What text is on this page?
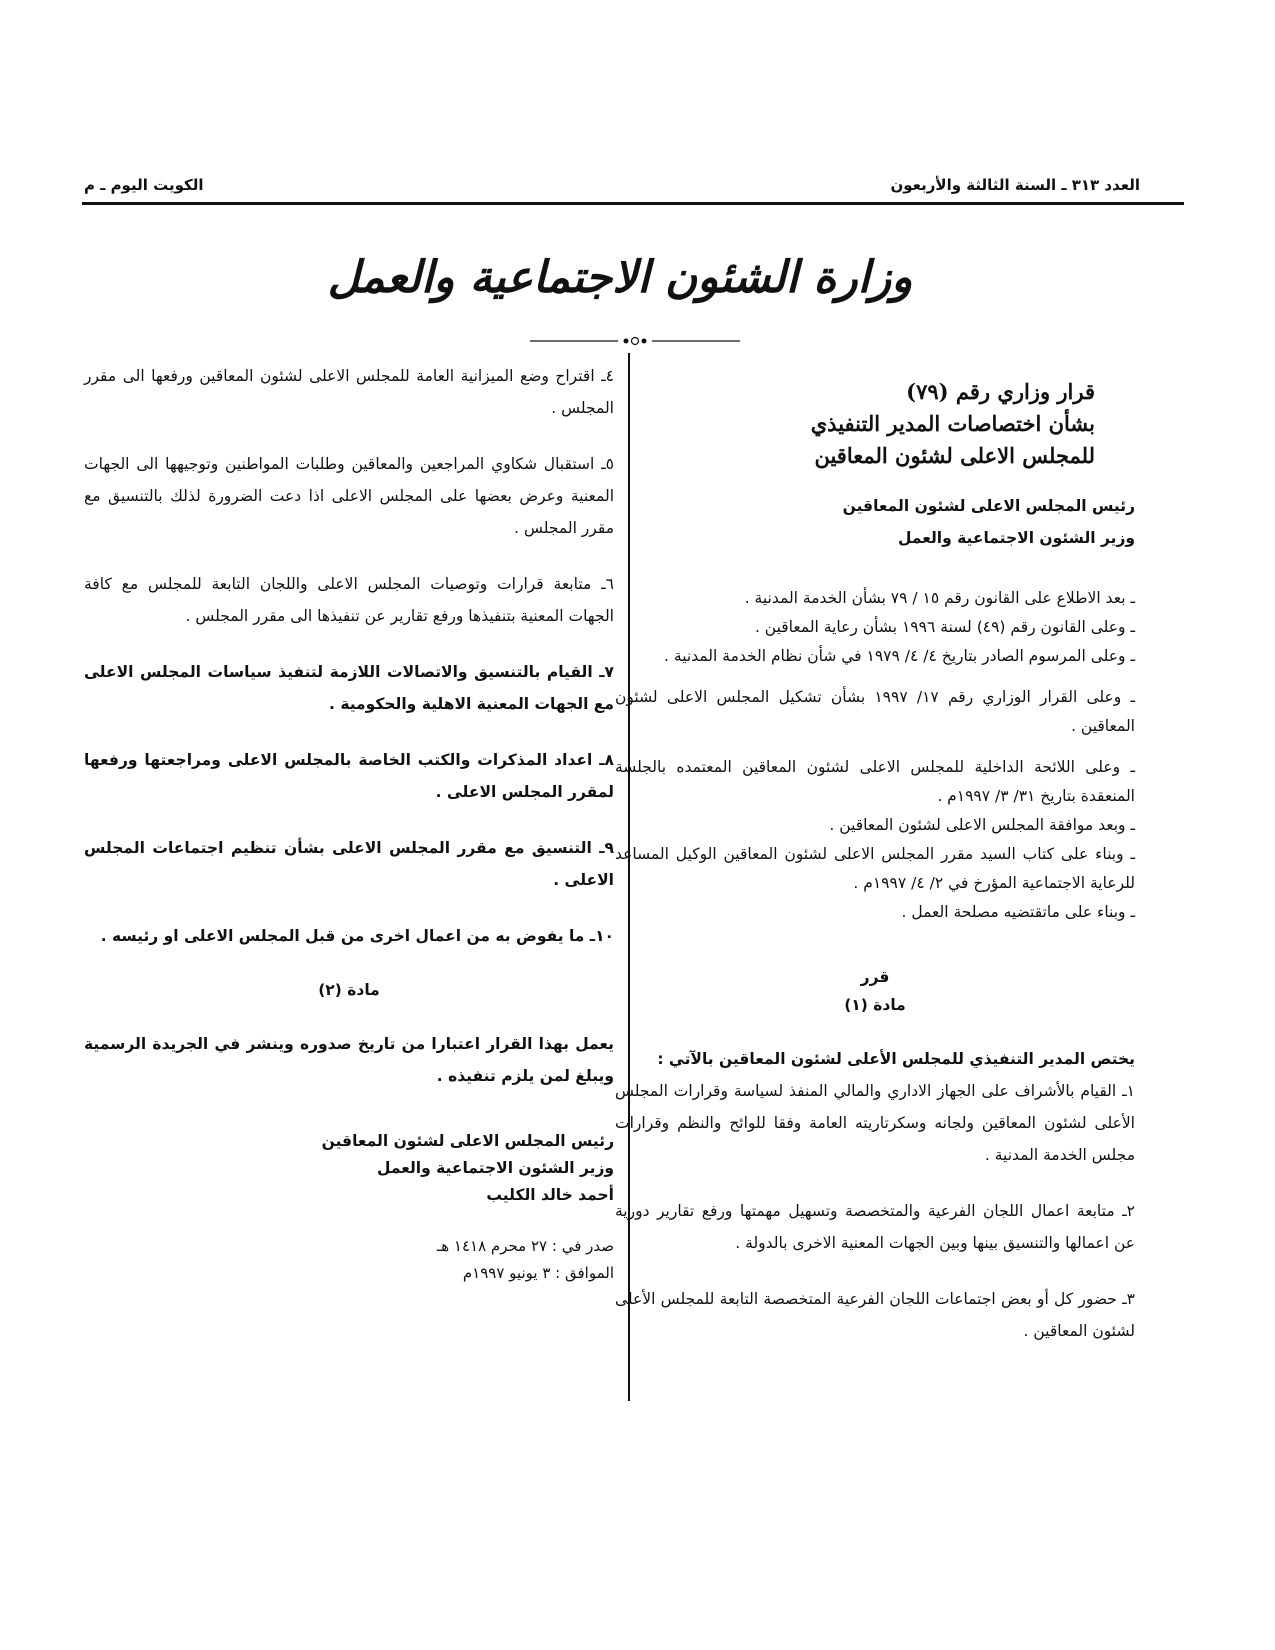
العدد ٣١٣ ـ السنة الثالثة والأربعون
الكويت اليوم ـ م
وزارة الشئون الاجتماعية والعمل
قرار وزاري رقم (٧٩)
بشأن اختصاصات المدير التنفيذي
للمجلس الاعلى لشئون المعاقين
رئيس المجلس الاعلى لشئون المعاقين
وزير الشئون الاجتماعية والعمل

ـ بعد الاطلاع على القانون رقم ١٥ / ٧٩ بشأن الخدمة المدنية .

ـ وعلى القانون رقم (٤٩) لسنة ١٩٩٦ بشأن رعاية المعاقين .

ـ وعلى المرسوم الصادر بتاريخ ٤/ ٤/ ١٩٧٩ في شأن نظام الخدمة المدنية .

ـ وعلى القرار الوزاري رقم ١٧/ ١٩٩٧ بشأن تشكيل المجلس الاعلى لشئون المعاقين .

ـ وعلى اللائحة الداخلية للمجلس الاعلى لشئون المعاقين المعتمده بالجلسة المنعقدة بتاريخ ٣١/ ٣/ ١٩٩٧م .

ـ وبعد موافقة المجلس الاعلى لشئون المعاقين .

ـ وبناء على كتاب السيد مقرر المجلس الاعلى لشئون المعاقين الوكيل المساعد للرعاية الاجتماعية المؤرخ في ٢/ ٤/ ١٩٩٧م .

ـ وبناء على ماتقتضيه مصلحة العمل .

قرر
مادة (١)

يختص المدير التنفيذي للمجلس الأعلى لشئون المعاقين بالآتي :

١ـ القيام بالأشراف على الجهاز الاداري والمالي المنفذ لسياسة وقرارات المجلس الأعلى لشئون المعاقين ولجانه وسكرتاريته العامة وفقا للوائح والنظم وقرارات مجلس الخدمة المدنية .

٢ـ متابعة اعمال اللجان الفرعية والمتخصصة وتسهيل مهمتها ورفع تقارير دورية عن اعمالها والتنسيق بينها وبين الجهات المعنية الاخرى بالدولة .

٣ـ حضور كل أو بعض اجتماعات اللجان الفرعية المتخصصة التابعة للمجلس الأعلى لشئون المعاقين .

٤ـ اقتراح وضع الميزانية العامة للمجلس الاعلى لشئون المعاقين ورفعها الى مقرر المجلس .

٥ـ استقبال شكاوي المراجعين والمعاقين وطلبات المواطنين وتوجيهها الى الجهات المعنية وعرض بعضها على المجلس الاعلى اذا دعت الضرورة لذلك بالتنسيق مع مقرر المجلس .

٦ـ متابعة قرارات وتوصيات المجلس الاعلى واللجان التابعة للمجلس مع كافة الجهات المعنية بتنفيذها ورفع تقارير عن تنفيذها الى مقرر المجلس .

٧ـ القيام بالتنسيق والاتصالات اللازمة لتنفيذ سياسات المجلس الاعلى مع الجهات المعنية الاهلية والحكومية .

٨ـ اعداد المذكرات والكتب الخاصة بالمجلس الاعلى ومراجعتها ورفعها لمقرر المجلس الاعلى .

٩ـ التنسيق مع مقرر المجلس الاعلى بشأن تنظيم اجتماعات المجلس الاعلى .

١٠ـ ما يفوض به من اعمال اخرى من قبل المجلس الاعلى او رئيسه .

مادة (٢)

يعمل بهذا القرار اعتبارا من تاريخ صدوره وينشر في الجريدة الرسمية ويبلغ لمن يلزم تنفيذه .

رئيس المجلس الاعلى لشئون المعاقين
وزير الشئون الاجتماعية والعمل
أحمد خالد الكليب
صدر في : ٢٧ محرم ١٤١٨ هـ
الموافق : ٣ يونيو ١٩٩٧م
